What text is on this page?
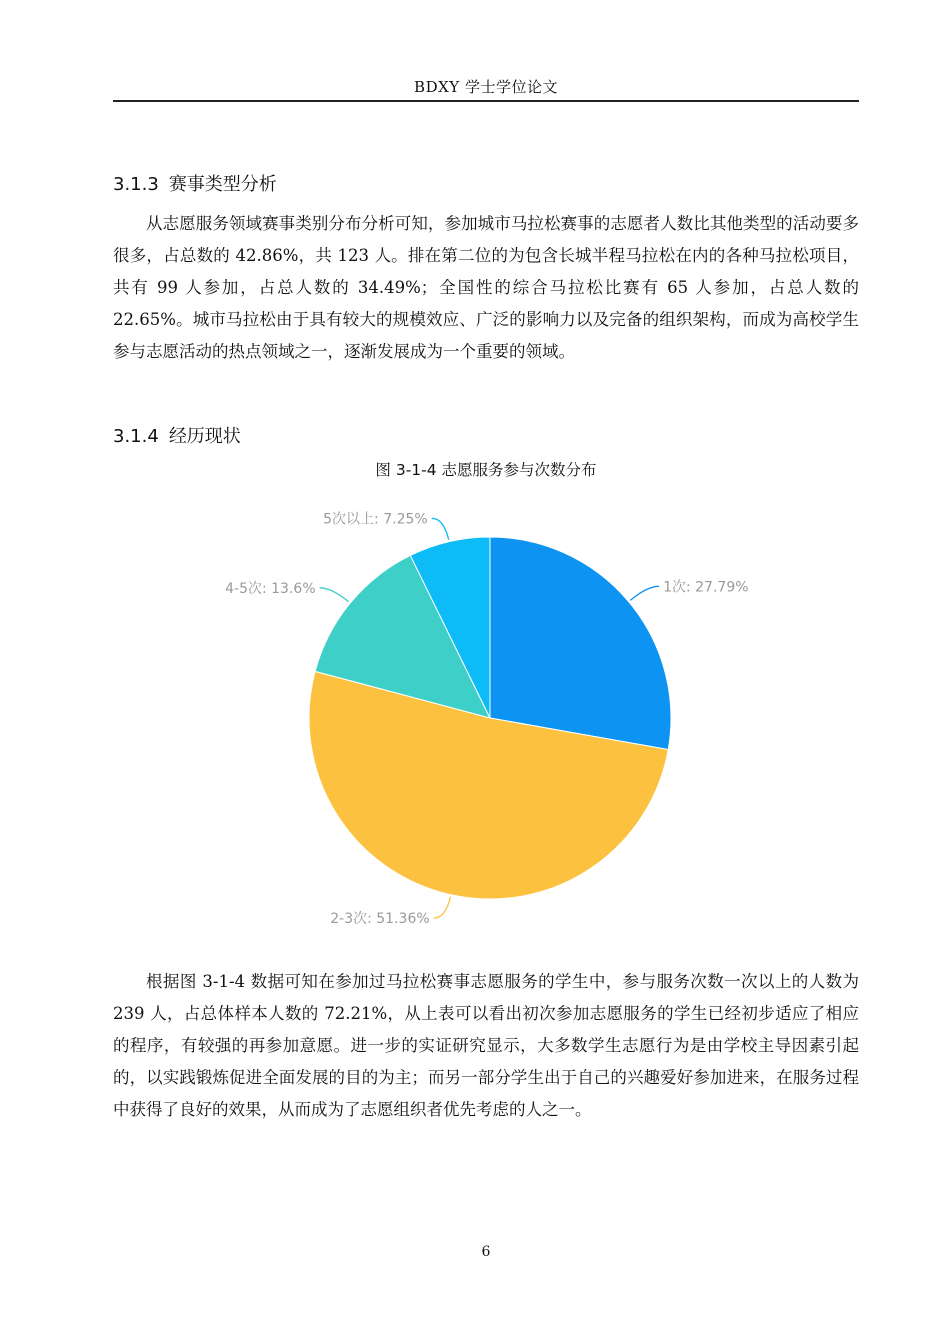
BDXY 学士学位论文
3.1.3 赛事类型分析

从志愿服务领域赛事类别分布分析可知，参加城市马拉松赛事的志愿者人数比其他类型的活动要多很多，占总数的 42.86%，共 123 人。排在第二位的为包含长城半程马拉松在内的各种马拉松项目，共有 99 人参加，占总人数的 34.49%；全国性的综合马拉松比赛有 65 人参加，占总人数的 22.65%。城市马拉松由于具有较大的规模效应、广泛的影响力以及完备的组织架构，而成为高校学生参与志愿活动的热点领域之一，逐渐发展成为一个重要的领域。

3.1.4 经历现状
图 3-1-4 志愿服务参与次数分布
1次: 27.79%
2-3次: 51.36%
4-5次: 13.6%
5次以上: 7.25%

根据图 3-1-4 数据可知在参加过马拉松赛事志愿服务的学生中，参与服务次数一次以上的人数为 239 人，占总体样本人数的 72.21%，从上表可以看出初次参加志愿服务的学生已经初步适应了相应的程序，有较强的再参加意愿。进一步的实证研究显示，大多数学生志愿行为是由学校主导因素引起的，以实践锻炼促进全面发展的目的为主；而另一部分学生出于自己的兴趣爱好参加进来，在服务过程中获得了良好的效果，从而成为了志愿组织者优先考虑的人之一。

6
